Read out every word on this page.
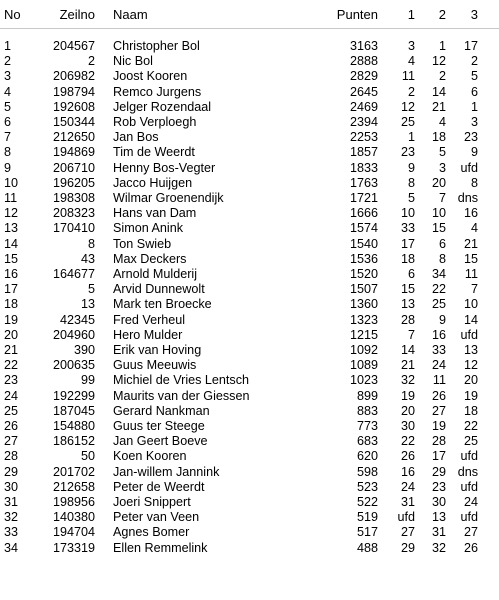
No	Zeilno Naam	Punten	1	2	3
1	204567 Christopher Bol	3163	3	1	17
2	2 Nic Bol	2888	4	12	2
3	206982 Joost Kooren	2829	11	2	5
4	198794 Remco Jurgens	2645	2	14	6
5	192608 Jelger Rozendaal	2469	12	21	1
6	150344 Rob Verploegh	2394	25	4	3
7	212650 Jan Bos	2253	1	18	23
8	194869 Tim de Weerdt	1857	23	5	9
9	206710 Henny Bos-Vegter	1833	9	3	ufd
10	196205 Jacco Huijgen	1763	8	20	8
11	198308 Wilmar Groenendijk	1721	5	7 dns
12	208323 Hans van Dam	1666	10	10	16
13	170410 Simon Anink	1574	33	15	4
14	8 Ton Swieb	1540	17	6	21
15	43 Max Deckers	1536	18	8	15
16	164677 Arnold Mulderij	1520	6	34	11
17	5 Arvid Dunnewolt	1507	15	22	7
18	13 Mark ten Broecke	1360	13	25	10
19	42345 Fred Verheul	1323	28	9	14
20	204960 Hero Mulder	1215	7	16	ufd
21	390 Erik van Hoving	1092	14	33	13
22	200635 Guus Meeuwis	1089	21	24	12
23	99 Michiel de Vries Lentsch	1023	32	11	20
24	192299 Maurits van der Giessen	899	19	26	19
25	187045 Gerard Nankman	883	20	27	18
26	154880 Guus ter Steege	773	30	19	22
27	186152 Jan Geert Boeve	683	22	28	25
28	50 Koen Kooren	620	26	17	ufd
29	201702 Jan-willem Jannink	598	16	29 dns
30	212658 Peter de Weerdt	523	24	23	ufd
31	198956 Joeri Snippert	522	31	30	24
32	140380 Peter van Veen	519	ufd	13	ufd
33	194704 Agnes Bomer	517	27	31	27
34	173319 Ellen Remmelink	488	29	32	26
